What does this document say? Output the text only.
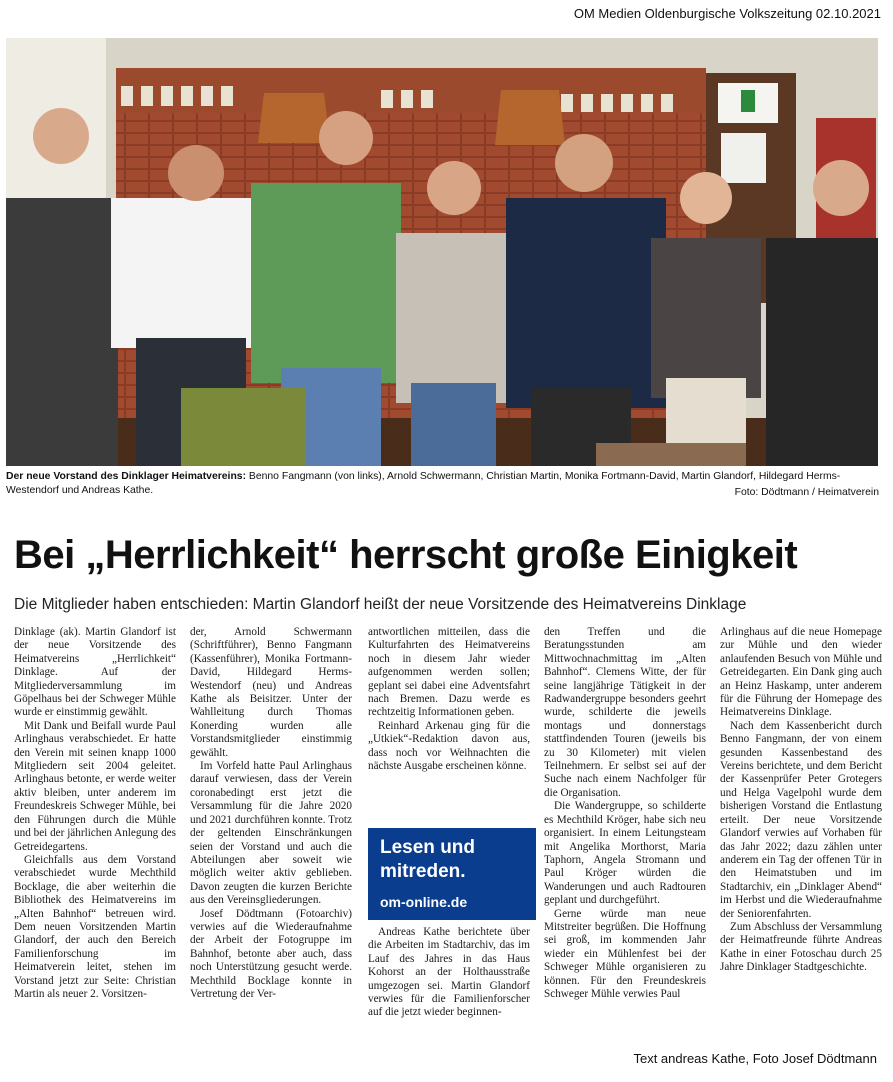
OM Medien Oldenburgische Volkszeitung 02.10.2021
Der neue Vorstand des Dinklager Heimatvereins: Benno Fangmann (von links), Arnold Schwermann, Christian Martin, Monika Fortmann-David, Martin Glandorf, Hildegard Herms-Westendorf und Andreas Kathe.	Foto: Dödtmann / Heimatverein
Bei „Herrlichkeit“ herrscht große Einigkeit
Die Mitglieder haben entschieden: Martin Glandorf heißt der neue Vorsitzende des Heimatvereins Dinklage

Dinklage (ak). Martin Glandorf ist der neue Vorsitzende des Heimatvereins „Herrlichkeit“ Dinklage. Auf der Mitgliederversammlung im Göpelhaus bei der Schweger Mühle wurde er einstimmig gewählt.

Mit Dank und Beifall wurde Paul Arlinghaus verabschiedet. Er hatte den Verein mit seinen knapp 1000 Mitgliedern seit 2004 geleitet. Arlinghaus betonte, er werde weiter aktiv bleiben, unter anderem im Freundeskreis Schweger Mühle, bei den Führungen durch die Mühle und bei der jährlichen Anlegung des Getreidegartens.

Gleichfalls aus dem Vorstand verabschiedet wurde Mechthild Bocklage, die aber weiterhin die Bibliothek des Heimatvereins im „Alten Bahnhof“ betreuen wird. Dem neuen Vorsitzenden Martin Glandorf, der auch den Bereich Familienforschung im Heimatverein leitet, stehen im Vorstand jetzt zur Seite: Christian Martin als neuer 2. Vorsitzen-

der, Arnold Schwermann (Schriftführer), Benno Fangmann (Kassenführer), Monika Fortmann-David, Hildegard Herms-Westendorf (neu) und Andreas Kathe als Beisitzer. Unter der Wahlleitung durch Thomas Konerding wurden alle Vorstandsmitglieder einstimmig gewählt.

Im Vorfeld hatte Paul Arlinghaus darauf verwiesen, dass der Verein coronabedingt erst jetzt die Versammlung für die Jahre 2020 und 2021 durchführen konnte. Trotz der geltenden Einschränkungen seien der Vorstand und auch die Abteilungen aber soweit wie möglich weiter aktiv geblieben. Davon zeugten die kurzen Berichte aus den Vereinsgliederungen.

Josef Dödtmann (Fotoarchiv) verwies auf die Wiederaufnahme der Arbeit der Fotogruppe im Bahnhof, betonte aber auch, dass noch Unterstützung gesucht werde. Mechthild Bocklage konnte in Vertretung der Ver-

antwortlichen mitteilen, dass die Kulturfahrten des Heimatvereins noch in diesem Jahr wieder aufgenommen werden sollen; geplant sei dabei eine Adventsfahrt nach Bremen. Dazu werde es rechtzeitig Informationen geben.

Reinhard Arkenau ging für die „Utkiek“-Redaktion davon aus, dass noch vor Weihnachten die nächste Ausgabe erscheinen könne.

Andreas Kathe berichtete über die Arbeiten im Stadtarchiv, das im Lauf des Jahres in das Haus Kohorst an der Holthausstraße umgezogen sei. Martin Glandorf verwies für die Familienforscher auf die jetzt wieder beginnen-

den Treffen und die Beratungsstunden am Mittwochnachmittag im „Alten Bahnhof“. Clemens Witte, der für seine langjährige Tätigkeit in der Radwandergruppe besonders geehrt wurde, schilderte die jeweils montags und donnerstags stattfindenden Touren (jeweils bis zu 30 Kilometer) mit vielen Teilnehmern. Er selbst sei auf der Suche nach einem Nachfolger für die Organisation.

Die Wandergruppe, so schilderte es Mechthild Kröger, habe sich neu organisiert. In einem Leitungsteam mit Angelika Morthorst, Maria Taphorn, Angela Stromann und Paul Kröger würden die Wanderungen und auch Radtouren geplant und durchgeführt.

Gerne würde man neue Mitstreiter begrüßen. Die Hoffnung sei groß, im kommenden Jahr wieder ein Mühlenfest bei der Schweger Mühle organisieren zu können. Für den Freundeskreis Schweger Mühle verwies Paul

Arlinghaus auf die neue Homepage zur Mühle und den wieder anlaufenden Besuch von Mühle und Getreidegarten. Ein Dank ging auch an Heinz Haskamp, unter anderem für die Führung der Homepage des Heimatvereins Dinklage.

Nach dem Kassenbericht durch Benno Fangmann, der von einem gesunden Kassenbestand des Vereins berichtete, und dem Bericht der Kassenprüfer Peter Grotegers und Helga Vagelpohl wurde dem bisherigen Vorstand die Entlastung erteilt. Der neue Vorsitzende Glandorf verwies auf Vorhaben für das Jahr 2022; dazu zählen unter anderem ein Tag der offenen Tür in den Heimatstuben und im Stadtarchiv, ein „Dinklager Abend“ im Herbst und die Wiederaufnahme der Seniorenfahrten.

Zum Abschluss der Versammlung der Heimatfreunde führte Andreas Kathe in einer Fotoschau durch 25 Jahre Dinklager Stadtgeschichte.

Lesen und
mitreden.
om-online.de
Text andreas Kathe, Foto Josef Dödtmann
